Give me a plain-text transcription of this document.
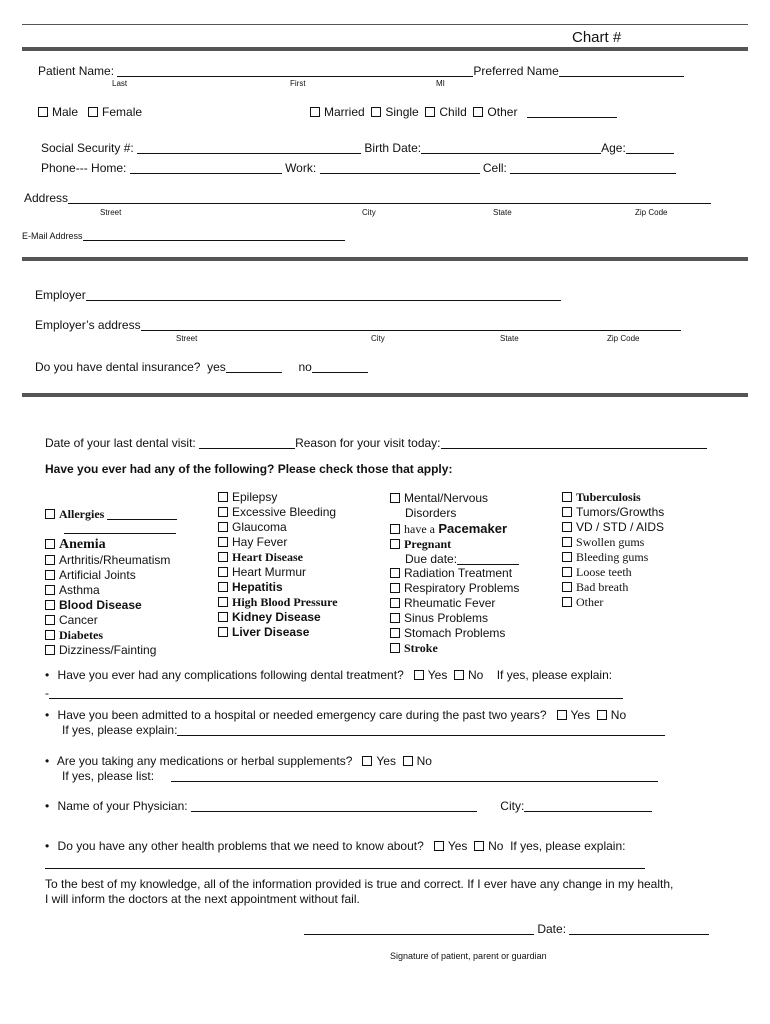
Chart #
Patient Name:	Preferred Name
Last	First	MI
Male Female	Married Single Child Other
Social Security #:	Birth Date:	Age:
Phone--- Home:	Work:	Cell:
Address
Street	City	State	Zip Code
E-Mail Address
Employer
Employer’s address
Street	City	State	Zip Code
Do you have dental insurance? yes	no
Date of your last dental visit:	Reason for your visit today:
Have you ever had any of the following? Please check those that apply:
Allergies
Anemia
Arthritis/Rheumatism
Artificial Joints
Asthma
Blood Disease
Cancer
Diabetes
Dizziness/Fainting
Epilepsy
Excessive Bleeding
Glaucoma
Hay Fever
Heart Disease
Heart Murmur
Hepatitis
High Blood Pressure
Kidney Disease
Liver Disease
Mental/Nervous
Disorders
have a Pacemaker
Pregnant
Due date:
Radiation Treatment
Respiratory Problems
Rheumatic Fever
Sinus Problems
Stomach Problems
Stroke
Tuberculosis
Tumors/Growths
VD / STD / AIDS
Swollen gums
Bleeding gums
Loose teeth
Bad breath
Other
• Have you ever had any complications following dental treatment? Yes No If yes, please explain:
-
• Have you been admitted to a hospital or needed emergency care during the past two years? Yes No
If yes, please explain:
• Are you taking any medications or herbal supplements? Yes No
If yes, please list:
• Name of your Physician:	City:
• Do you have any other health problems that we need to know about? Yes No If yes, please explain:
To the best of my knowledge, all of the information provided is true and correct. If I ever have any change in my health,
I will inform the doctors at the next appointment without fail.
Date:
Signature of patient, parent or guardian
